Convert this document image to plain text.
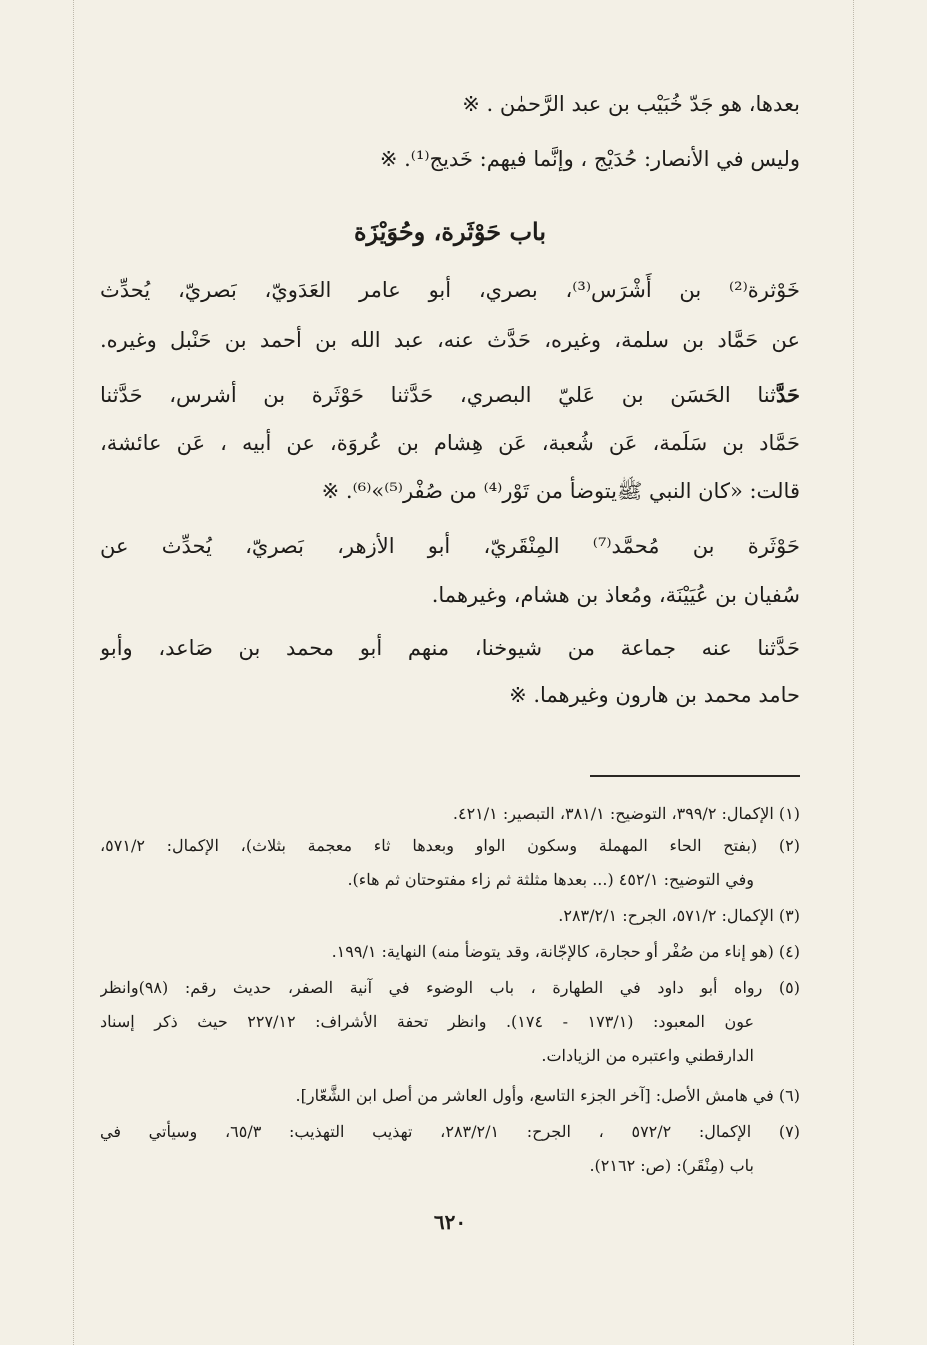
بعدها، هو جَدّ خُبَيْب بن عبد الرَّحمٰن . ※
وليس في الأنصار: حُدَيْج ، وإنَّما فيهم: خَديج⁽¹⁾. ※
باب حَوْثَرة، وحُوَيْزَة
خَوْثرة⁽²⁾ بن أَشْرَس⁽³⁾، بصري، أبو عامر العَدَويّ، بَصريّ، يُحدِّث
عن حَمَّاد بن سلمة، وغيره، حَدَّث عنه، عبد الله بن أحمد بن حَنْبل وغيره.
حَدَّثنا الحَسَن بن عَليّ البصري، حَدَّثنا حَوْثَرة بن أشرس، حَدَّثنا
حَمَّاد بن سَلَمة، عَن شُعبة، عَن هِشام بن عُروَة، عن أبيه ، عَن عائشة،
قالت: «كان النبي ﷺيتوضأ من تَوْر⁽⁴⁾ من صُفْر⁽⁵⁾»⁽⁶⁾. ※
حَوْثَرة بن مُحمَّد⁽⁷⁾ المِنْقَريّ، أبو الأزهر، بَصريّ، يُحدِّث عن
سُفيان بن عُيَيْنَة، ومُعاذ بن هشام، وغيرهما.
حَدَّثنا عنه جماعة من شيوخنا، منهم أبو محمد بن صَاعد، وأبو
حامد محمد بن هارون وغيرهما. ※
(١) الإكمال: ٣٩٩/٢، التوضيح: ٣٨١/١، التبصير: ٤٢١/١.
(٢) (بفتح الحاء المهملة وسكون الواو وبعدها ثاء معجمة بثلاث)، الإكمال: ٥٧١/٢،
وفي التوضيح: ٤٥٢/١ (... بعدها مثلثة ثم زاء مفتوحتان ثم هاء).
(٣) الإكمال: ٥٧١/٢، الجرح: ٢٨٣/٢/١.
(٤) (هو إناء من صُفْر أو حجارة، كالإجّانة، وقد يتوضأ منه) النهاية: ١٩٩/١.
(٥) رواه أبو داود في الطهارة ، باب الوضوء في آنية الصفر، حديث رقم: (٩٨)وانظر
عون المعبود: (١٧٣/١ - ١٧٤). وانظر تحفة الأشراف: ٢٢٧/١٢ حيث ذكر إسناد
الدارقطني واعتبره من الزيادات.
(٦) في هامش الأصل: [آخر الجزء التاسع، وأول العاشر من أصل ابن الشَّعّار].
(٧) الإكمال: ٥٧٢/٢ ، الجرح: ٢٨٣/٢/١، تهذيب التهذيب: ٦٥/٣، وسيأتي في
باب (مِنْقَر): (ص: ٢١٦٢).
٦٢٠
